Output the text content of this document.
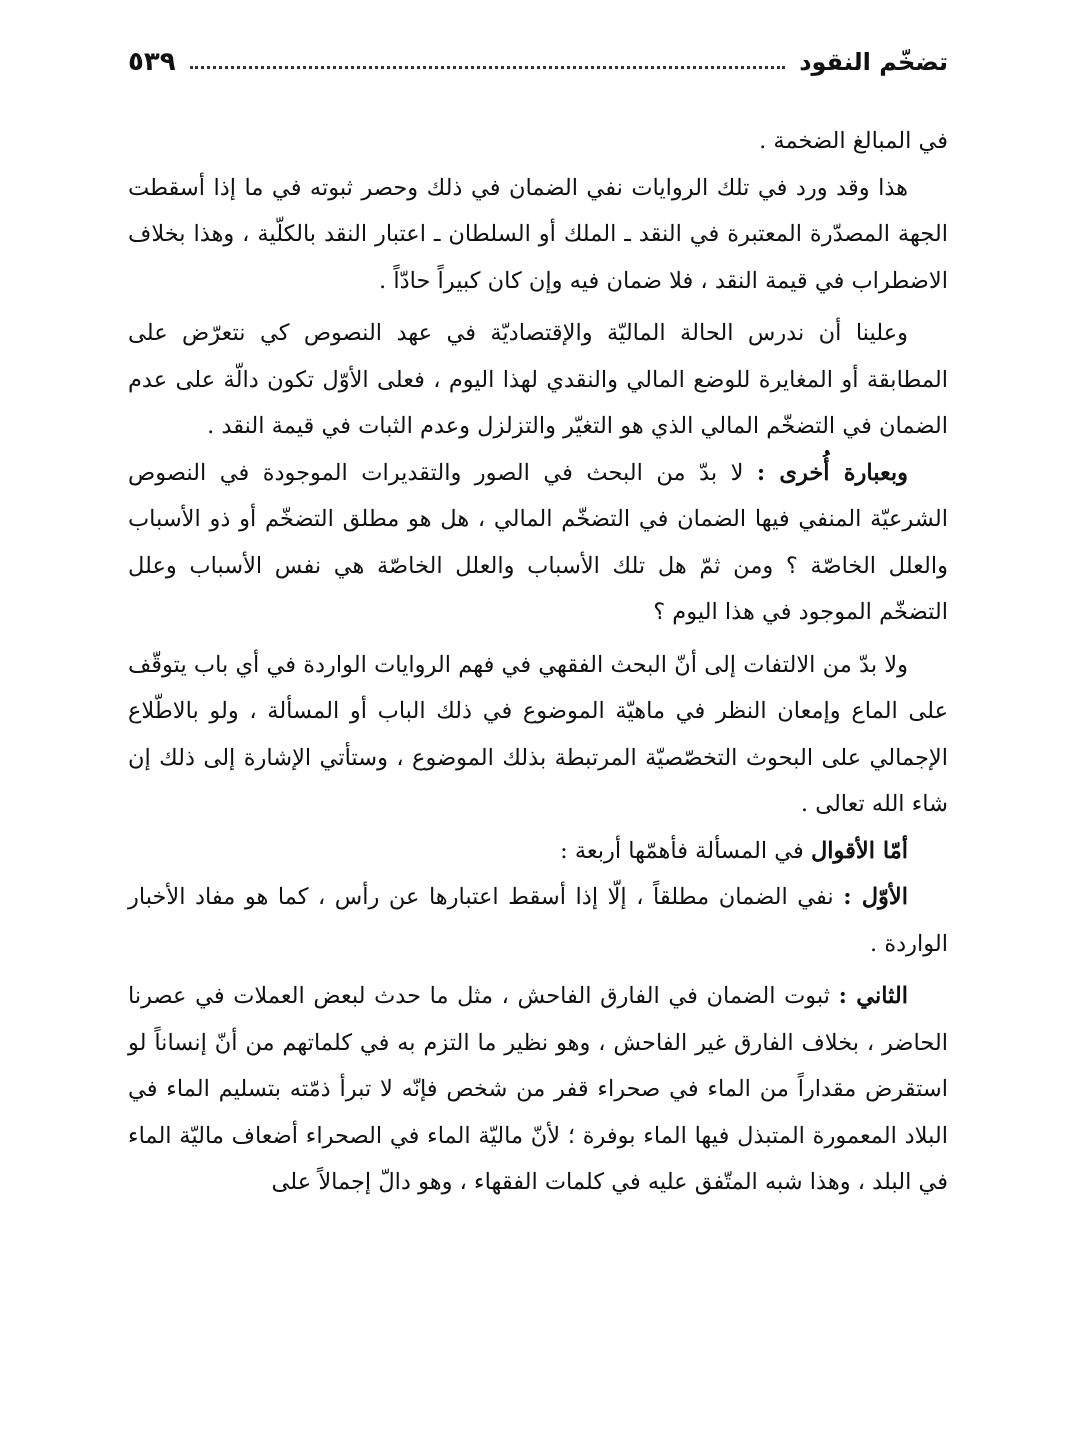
تضخّم النقود
٥٣٩

في المبالغ الضخمة .

هذا وقد ورد في تلك الروايات نفي الضمان في ذلك وحصر ثبوته في ما إذا أسقطت الجهة المصدّرة المعتبرة في النقد ـ الملك أو السلطان ـ اعتبار النقد بالكلّية ، وهذا بخلاف الاضطراب في قيمة النقد ، فلا ضمان فيه وإن كان كبيراً حادّاً .

وعلينا أن ندرس الحالة الماليّة والإقتصاديّة في عهد النصوص كي نتعرّض على المطابقة أو المغايرة للوضع المالي والنقدي لهذا اليوم ، فعلى الأوّل تكون دالّة على عدم الضمان في التضخّم المالي الذي هو التغيّر والتزلزل وعدم الثبات في قيمة النقد .

وبعبارة أُخرى : لا بدّ من البحث في الصور والتقديرات الموجودة في النصوص الشرعيّة المنفي فيها الضمان في التضخّم المالي ، هل هو مطلق التضخّم أو ذو الأسباب والعلل الخاصّة ؟ ومن ثمّ هل تلك الأسباب والعلل الخاصّة هي نفس الأسباب وعلل التضخّم الموجود في هذا اليوم ؟

ولا بدّ من الالتفات إلى أنّ البحث الفقهي في فهم الروايات الواردة في أي باب يتوقّف على الماع وإمعان النظر في ماهيّة الموضوع في ذلك الباب أو المسألة ، ولو بالاطّلاع الإجمالي على البحوث التخصّصيّة المرتبطة بذلك الموضوع ، وستأتي الإشارة إلى ذلك إن شاء الله تعالى .

أمّا الأقوال في المسألة فأهمّها أربعة :

الأوّل : نفي الضمان مطلقاً ، إلّا إذا أسقط اعتبارها عن رأس ، كما هو مفاد الأخبار الواردة .

الثاني : ثبوت الضمان في الفارق الفاحش ، مثل ما حدث لبعض العملات في عصرنا الحاضر ، بخلاف الفارق غير الفاحش ، وهو نظير ما التزم به في كلماتهم من أنّ إنساناً لو استقرض مقداراً من الماء في صحراء قفر من شخص فإنّه لا تبرأ ذمّته بتسليم الماء في البلاد المعمورة المتبذل فيها الماء بوفرة ؛ لأنّ ماليّة الماء في الصحراء أضعاف ماليّة الماء في البلد ، وهذا شبه المتّفق عليه في كلمات الفقهاء ، وهو دالّ إجمالاً على
